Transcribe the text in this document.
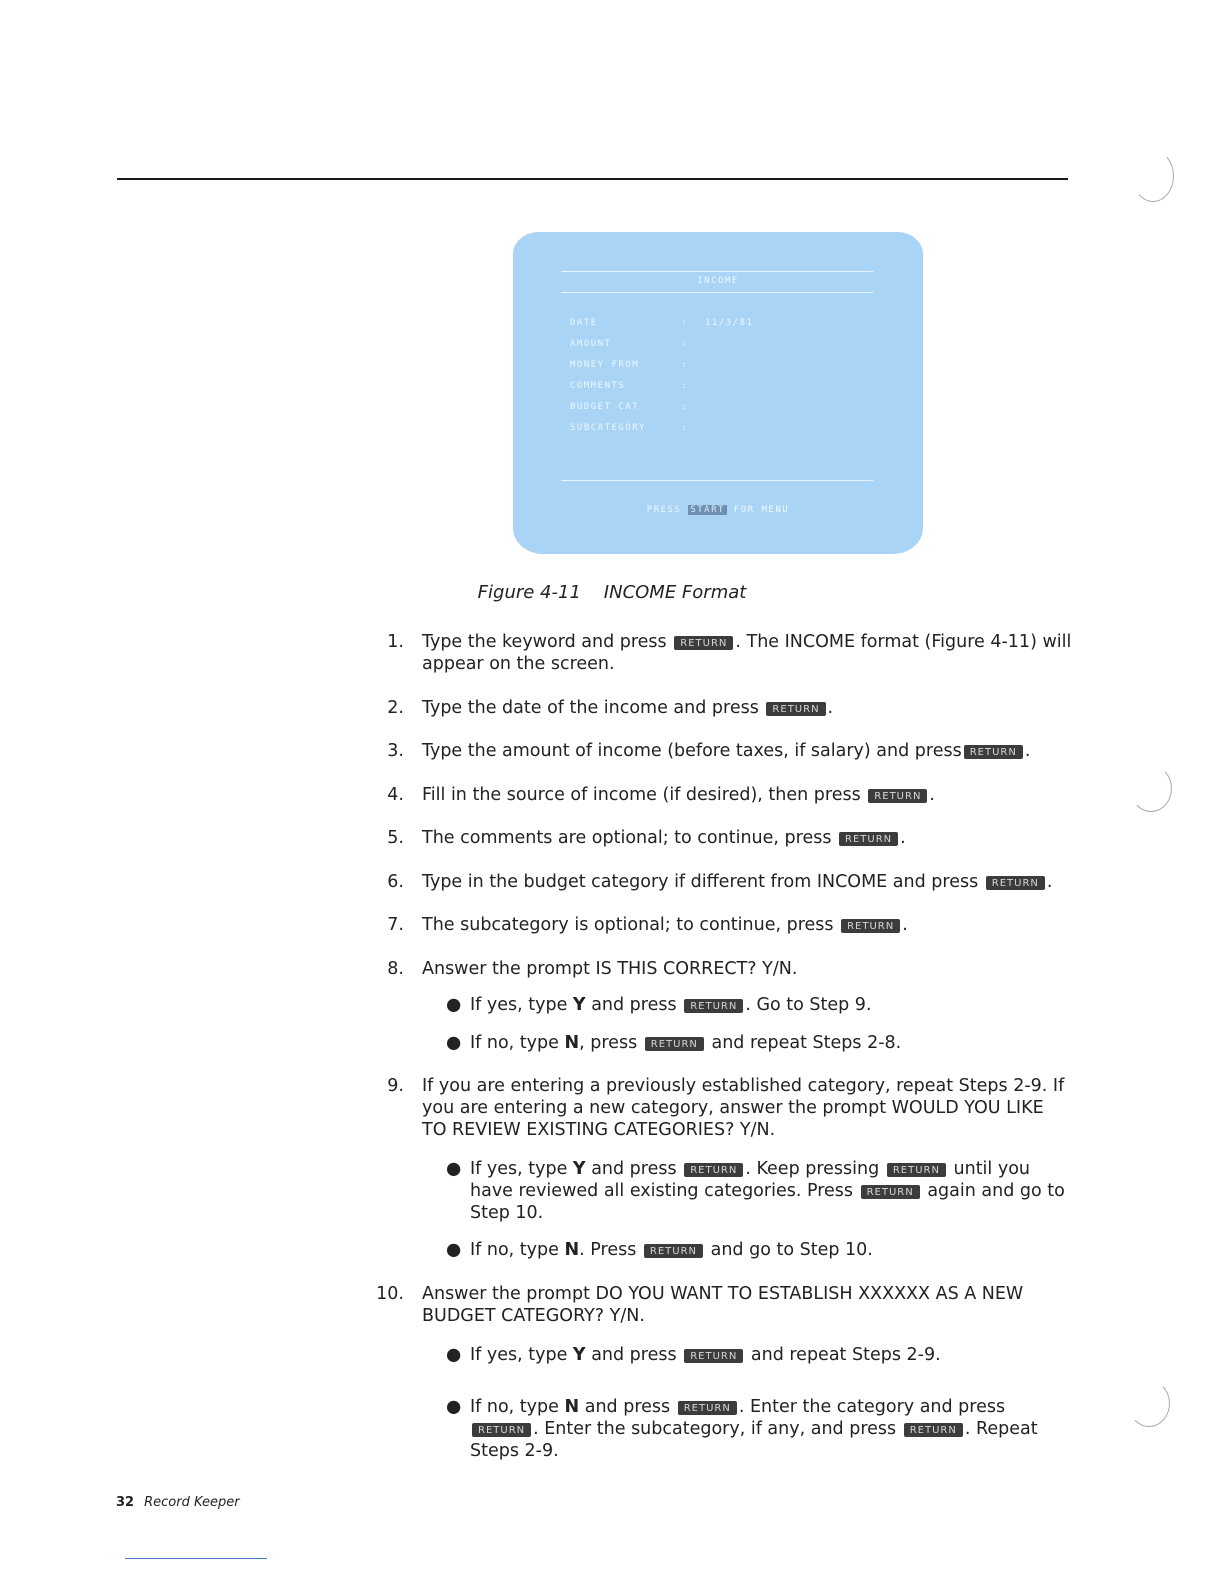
INCOME
DATE	: 11/3/81
AMOUNT	:
MONEY FROM	:
COMMENTS	:
BUDGET CAT	:
SUBCATEGORY	:
PRESS START FOR MENU
Figure 4-11    INCOME Format
1. Type the keyword and press RETURN . The INCOME format (Figure 4-11) will appear on the screen.
2. Type the date of the income and press RETURN .
3. Type the amount of income (before taxes, if salary) and press RETURN .
4. Fill in the source of income (if desired), then press RETURN .
5. The comments are optional; to continue, press RETURN .
6. Type in the budget category if different from INCOME and press RETURN .
7. The subcategory is optional; to continue, press RETURN .
8. Answer the prompt IS THIS CORRECT? Y/N.
● If yes, type Y and press RETURN . Go to Step 9.
● If no, type N, press RETURN and repeat Steps 2-8.
9. If you are entering a previously established category, repeat Steps 2-9. If you are entering a new category, answer the prompt WOULD YOU LIKE TO REVIEW EXISTING CATEGORIES? Y/N.
● If yes, type Y and press RETURN . Keep pressing RETURN until you have reviewed all existing categories. Press RETURN again and go to Step 10.
● If no, type N. Press RETURN and go to Step 10.
10. Answer the prompt DO YOU WANT TO ESTABLISH XXXXXX AS A NEW BUDGET CATEGORY? Y/N.
● If yes, type Y and press RETURN and repeat Steps 2-9.
● If no, type N and press RETURN . Enter the category and press RETURN . Enter the subcategory, if any, and press RETURN . Repeat Steps 2-9.
32 Record Keeper
